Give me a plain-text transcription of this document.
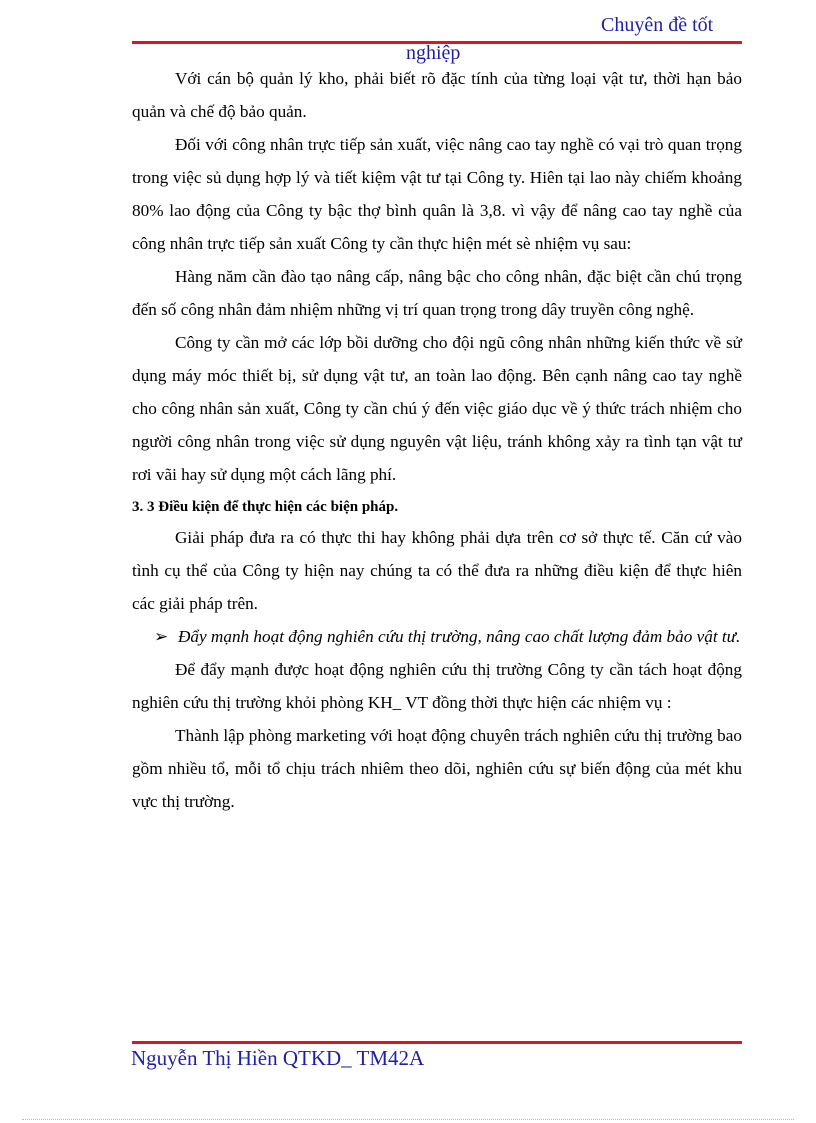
Chuyên đề tốt
nghiệp

Với cán bộ quản lý kho, phải biết rõ đặc tính của từng loại vật tư, thời hạn bảo quản và chế độ bảo quản.

Đối với công nhân trực tiếp sản xuất, việc nâng cao tay nghề có vại trò quan trọng trong việc sủ dụng hợp lý và tiết kiệm vật tư tại Công ty. Hiên tại lao này chiếm khoảng 80% lao động của Công ty bậc thợ bình quân là 3,8. vì vậy để nâng cao tay nghề của công nhân trực tiếp sản xuất Công ty cần thực hiện mét sè nhiệm vụ sau:

Hàng năm cần đào tạo nâng cấp, nâng bậc cho công nhân, đặc biệt cần chú trọng đến số công nhân đảm nhiệm những vị trí quan trọng trong dây truyền công nghệ.

Công ty cần mở các lớp bồi dưỡng cho đội ngũ công nhân những kiến thức về sử dụng máy móc thiết bị, sử dụng vật tư, an toàn lao động. Bên cạnh nâng cao tay nghề cho công nhân sản xuất, Công ty cần chú ý đến việc giáo dục về ý thức trách nhiệm cho người công nhân trong việc sử dụng nguyên vật liệu, tránh không xảy ra tình tạn vật tư rơi vãi hay sử dụng một cách lãng phí.

3. 3 Điều kiện để thực hiện các biện pháp.

Giải pháp đưa ra có thực thi hay không phải dựa trên cơ sở thực tế. Căn cứ vào tình cụ thể của Công ty hiện nay chúng ta có thể đưa ra những điều kiện để thực hiên các giải pháp trên.

➢ Đẩy mạnh hoạt động nghiên cứu thị trường, nâng cao chất lượng đảm bảo vật tư.

Để đẩy mạnh được hoạt động nghiên cứu thị trường Công ty cần tách hoạt động nghiên cứu thị trường khỏi phòng KH_ VT đồng thời thực hiện các nhiệm vụ :

Thành lập phòng marketing với hoạt động chuyên trách nghiên cứu thị trường bao gồm nhiều tổ, mỗi tổ chịu trách nhiêm theo dõi, nghiên cứu sự biến động của mét khu vực thị trường.

Nguyễn Thị Hiền QTKD_ TM42A
